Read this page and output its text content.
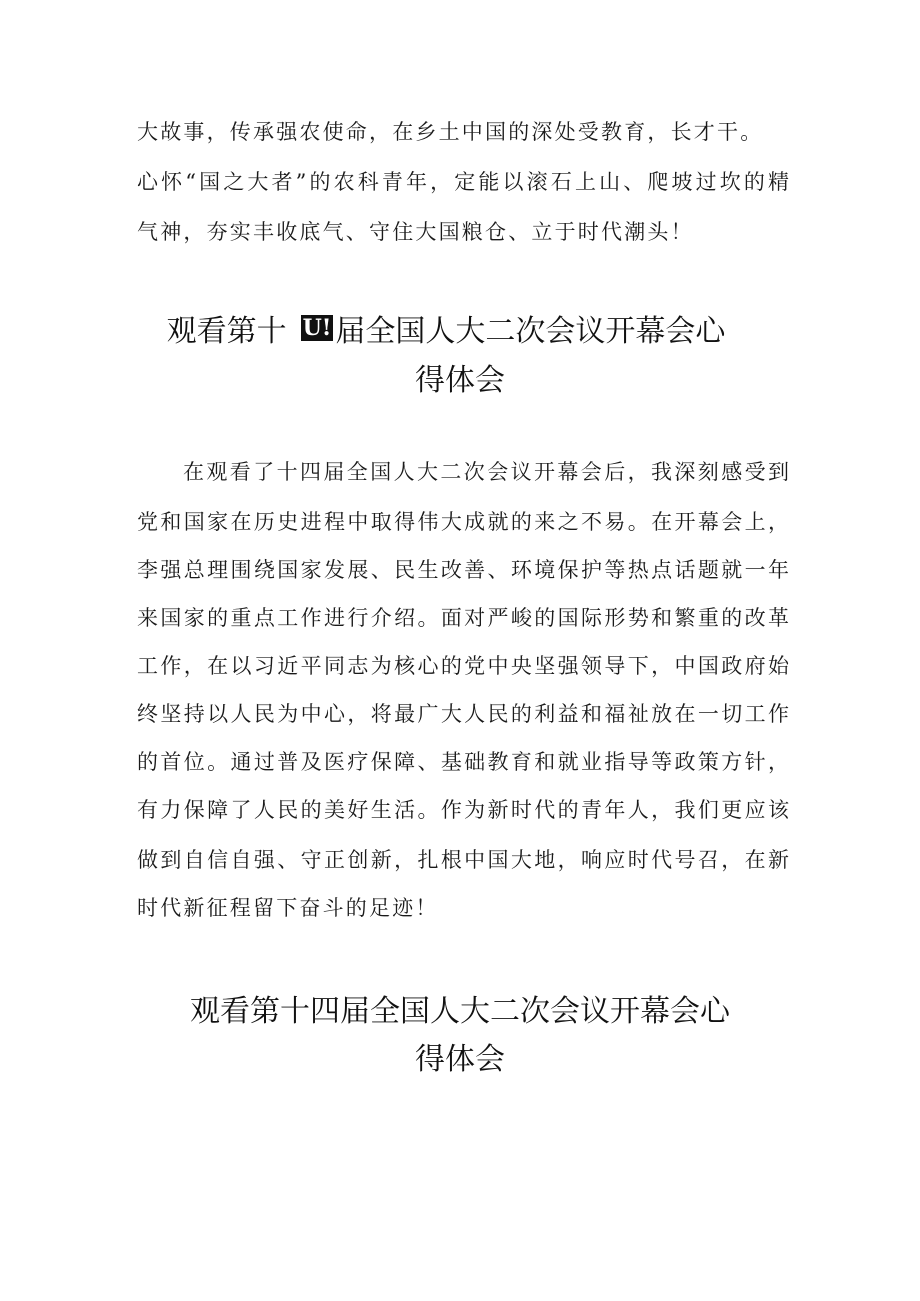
大故事，传承强农使命，在乡土中国的深处受教育，长才干。
心怀“国之大者”的农科青年，定能以滚石上山、爬坡过坎的精
气神，夯实丰收底气、守住大国粮仓、立于时代潮头！
观看第十 U! 届全国人大二次会议开幕会心
得体会
在观看了十四届全国人大二次会议开幕会后，我深刻感受到
党和国家在历史进程中取得伟大成就的来之不易。在开幕会上，
李强总理围绕国家发展、民生改善、环境保护等热点话题就一年
来国家的重点工作进行介绍。面对严峻的国际形势和繁重的改革
工作，在以习近平同志为核心的党中央坚强领导下，中国政府始
终坚持以人民为中心，将最广大人民的利益和福祉放在一切工作
的首位。通过普及医疗保障、基础教育和就业指导等政策方针，
有力保障了人民的美好生活。作为新时代的青年人，我们更应该
做到自信自强、守正创新，扎根中国大地，响应时代号召，在新
时代新征程留下奋斗的足迹！
观看第十四届全国人大二次会议开幕会心
得体会
